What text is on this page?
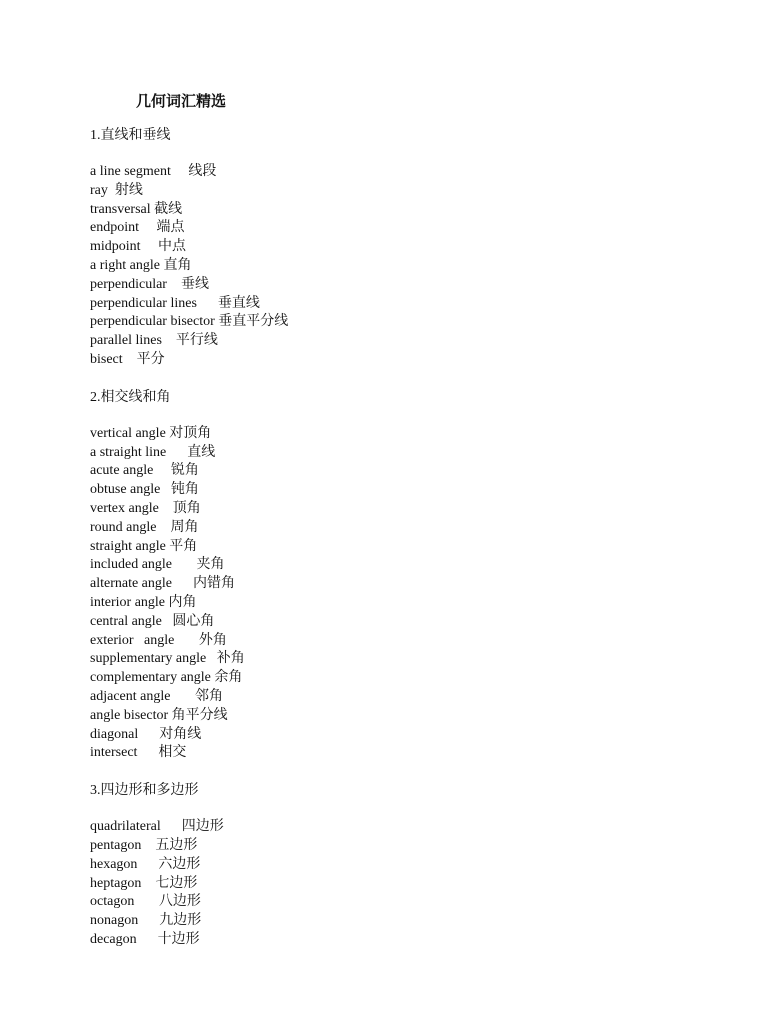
几何词汇精选
1.直线和垂线
a line segment     线段
ray  射线
transversal 截线
endpoint     端点
midpoint     中点
a right angle 直角
perpendicular    垂线
perpendicular lines      垂直线
perpendicular bisector 垂直平分线
parallel lines    平行线
bisect    平分
2.相交线和角
vertical angle 对顶角
a straight line      直线
acute angle     锐角
obtuse angle   钝角
vertex angle    顶角
round angle    周角
straight angle 平角
included angle       夹角
alternate angle      内错角
interior angle 内角
central angle   圆心角
exterior   angle       外角
supplementary angle   补角
complementary angle 余角
adjacent angle       邻角
angle bisector 角平分线
diagonal      对角线
intersect      相交
3.四边形和多边形
quadrilateral      四边形
pentagon    五边形
hexagon      六边形
heptagon    七边形
octagon       八边形
nonagon      九边形
decagon      十边形
